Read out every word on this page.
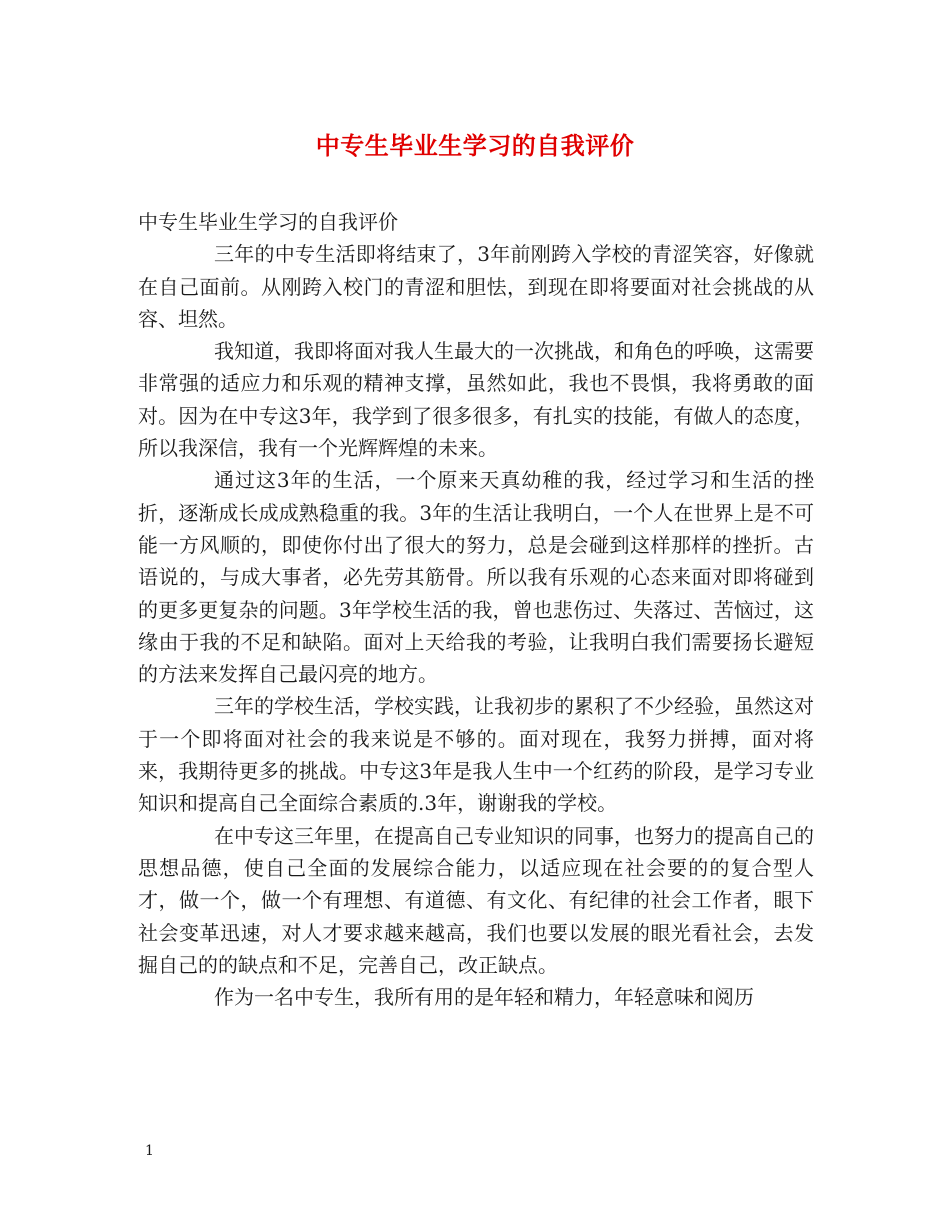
中专生毕业生学习的自我评价

中专生毕业生学习的自我评价

三年的中专生活即将结束了，3年前刚跨入学校的青涩笑容，好像就在自己面前。从刚跨入校门的青涩和胆怯，到现在即将要面对社会挑战的从容、坦然。

我知道，我即将面对我人生最大的一次挑战，和角色的呼唤，这需要非常强的适应力和乐观的精神支撑，虽然如此，我也不畏惧，我将勇敢的面对。因为在中专这3年，我学到了很多很多，有扎实的技能，有做人的态度，所以我深信，我有一个光辉辉煌的未来。

通过这3年的生活，一个原来天真幼稚的我，经过学习和生活的挫折，逐渐成长成成熟稳重的我。3年的生活让我明白，一个人在世界上是不可能一方风顺的，即使你付出了很大的努力，总是会碰到这样那样的挫折。古语说的，与成大事者，必先劳其筋骨。所以我有乐观的心态来面对即将碰到的更多更复杂的问题。3年学校生活的我，曾也悲伤过、失落过、苦恼过，这缘由于我的不足和缺陷。面对上天给我的考验，让我明白我们需要扬长避短的方法来发挥自己最闪亮的地方。

三年的学校生活，学校实践，让我初步的累积了不少经验，虽然这对于一个即将面对社会的我来说是不够的。面对现在，我努力拼搏，面对将来，我期待更多的挑战。中专这3年是我人生中一个红药的阶段，是学习专业知识和提高自己全面综合素质的.3年，谢谢我的学校。

在中专这三年里，在提高自己专业知识的同事，也努力的提高自己的思想品德，使自己全面的发展综合能力，以适应现在社会要的的复合型人才，做一个，做一个有理想、有道德、有文化、有纪律的社会工作者，眼下社会变革迅速，对人才要求越来越高，我们也要以发展的眼光看社会，去发掘自己的的缺点和不足，完善自己，改正缺点。

作为一名中专生，我所有用的是年轻和精力，年轻意味和阅历

1
